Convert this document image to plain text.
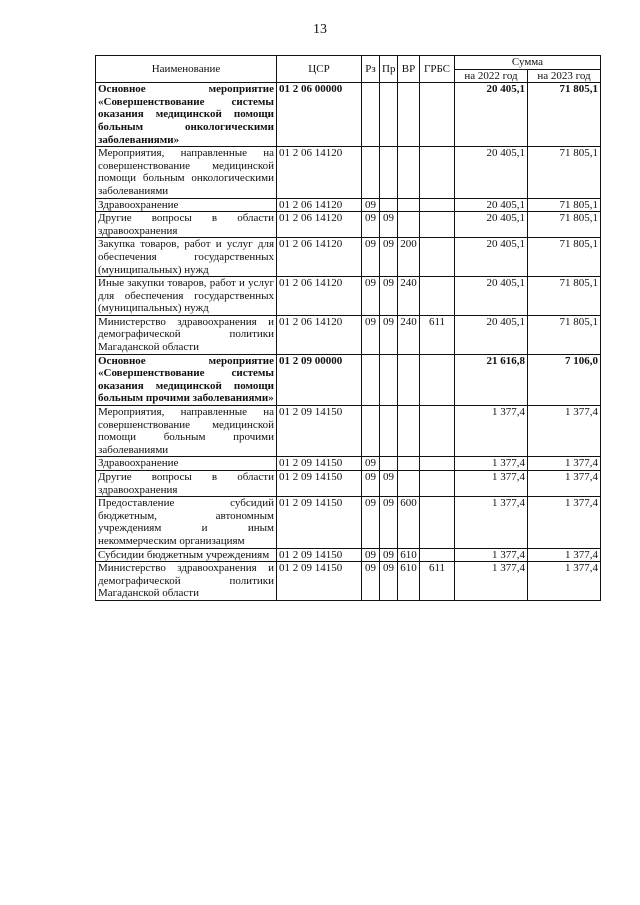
13
Наименование	ЦСР	Рз	Пр	ВР	ГРБС	Сумма	
						на 2022 год	на 2023 год
Основное мероприятие «Совершенствование системы оказания медицинской помощи больным онкологическими заболеваниями»	01 2 06 00000					20 405,1	71 805,1
Мероприятия, направленные на совершенствование медицинской помощи больным онкологическими заболеваниями	01 2 06 14120					20 405,1	71 805,1
Здравоохранение	01 2 06 14120	09				20 405,1	71 805,1
Другие вопросы в области здравоохранения	01 2 06 14120	09	09			20 405,1	71 805,1
Закупка товаров, работ и услуг для обеспечения государственных (муниципальных) нужд	01 2 06 14120	09	09	200		20 405,1	71 805,1
Иные закупки товаров, работ и услуг для обеспечения государственных (муниципальных) нужд	01 2 06 14120	09	09	240		20 405,1	71 805,1
Министерство здравоохранения и демографической политики Магаданской области	01 2 06 14120	09	09	240	611	20 405,1	71 805,1
Основное мероприятие «Совершенствование системы оказания медицинской помощи больным прочими заболеваниями»	01 2 09 00000					21 616,8	7 106,0
Мероприятия, направленные на совершенствование медицинской помощи больным прочими заболеваниями	01 2 09 14150					1 377,4	1 377,4
Здравоохранение	01 2 09 14150	09				1 377,4	1 377,4
Другие вопросы в области здравоохранения	01 2 09 14150	09	09			1 377,4	1 377,4
Предоставление субсидий бюджетным, автономным учреждениям и иным некоммерческим организациям	01 2 09 14150	09	09	600		1 377,4	1 377,4
Субсидии бюджетным учреждениям	01 2 09 14150	09	09	610		1 377,4	1 377,4
Министерство здравоохранения и демографической политики Магаданской области	01 2 09 14150	09	09	610	611	1 377,4	1 377,4
